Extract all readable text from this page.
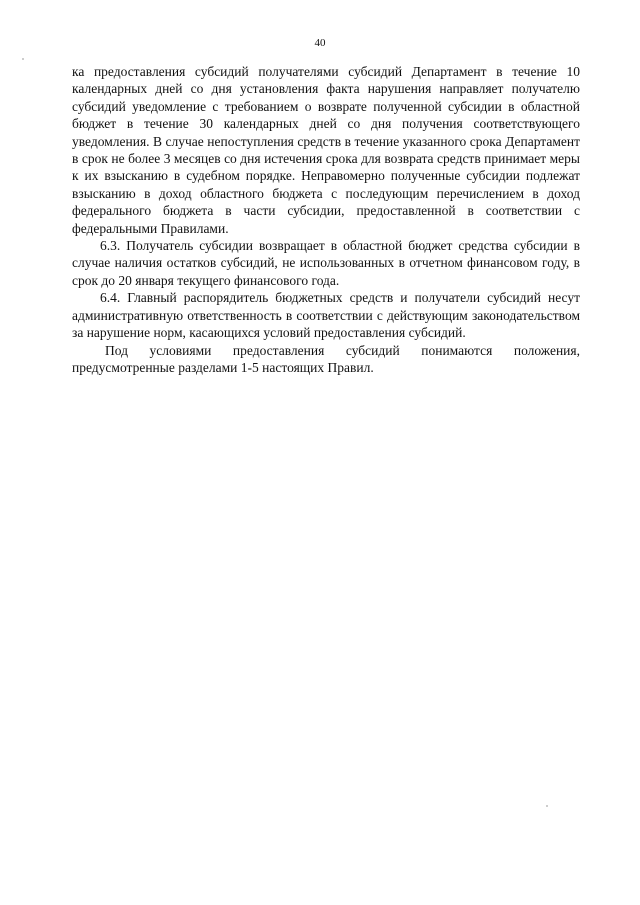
40

ка предоставления субсидий получателями субсидий Департамент в течение 10 календарных дней со дня установления факта нарушения направляет получателю субсидий уведомление с требованием о возврате полученной субсидии в областной бюджет в течение 30 календарных дней со дня получения соответствующего уведомления. В случае непоступления средств в течение указанного срока Департамент в срок не более 3 месяцев со дня истечения срока для возврата средств принимает меры к их взысканию в судебном порядке. Неправомерно полученные субсидии подлежат взысканию в доход областного бюджета с последующим перечислением в доход федерального бюджета в части субсидии, предоставленной в соответствии с федеральными Правилами.

6.3. Получатель субсидии возвращает в областной бюджет средства субсидии в случае наличия остатков субсидий, не использованных в отчетном финансовом году, в срок до 20 января текущего финансового года.

6.4. Главный распорядитель бюджетных средств и получатели субсидий несут административную ответственность в соответствии с действующим законодательством за нарушение норм, касающихся условий предоставления субсидий.

Под условиями предоставления субсидий понимаются положения, предусмотренные разделами 1-5 настоящих Правил.
